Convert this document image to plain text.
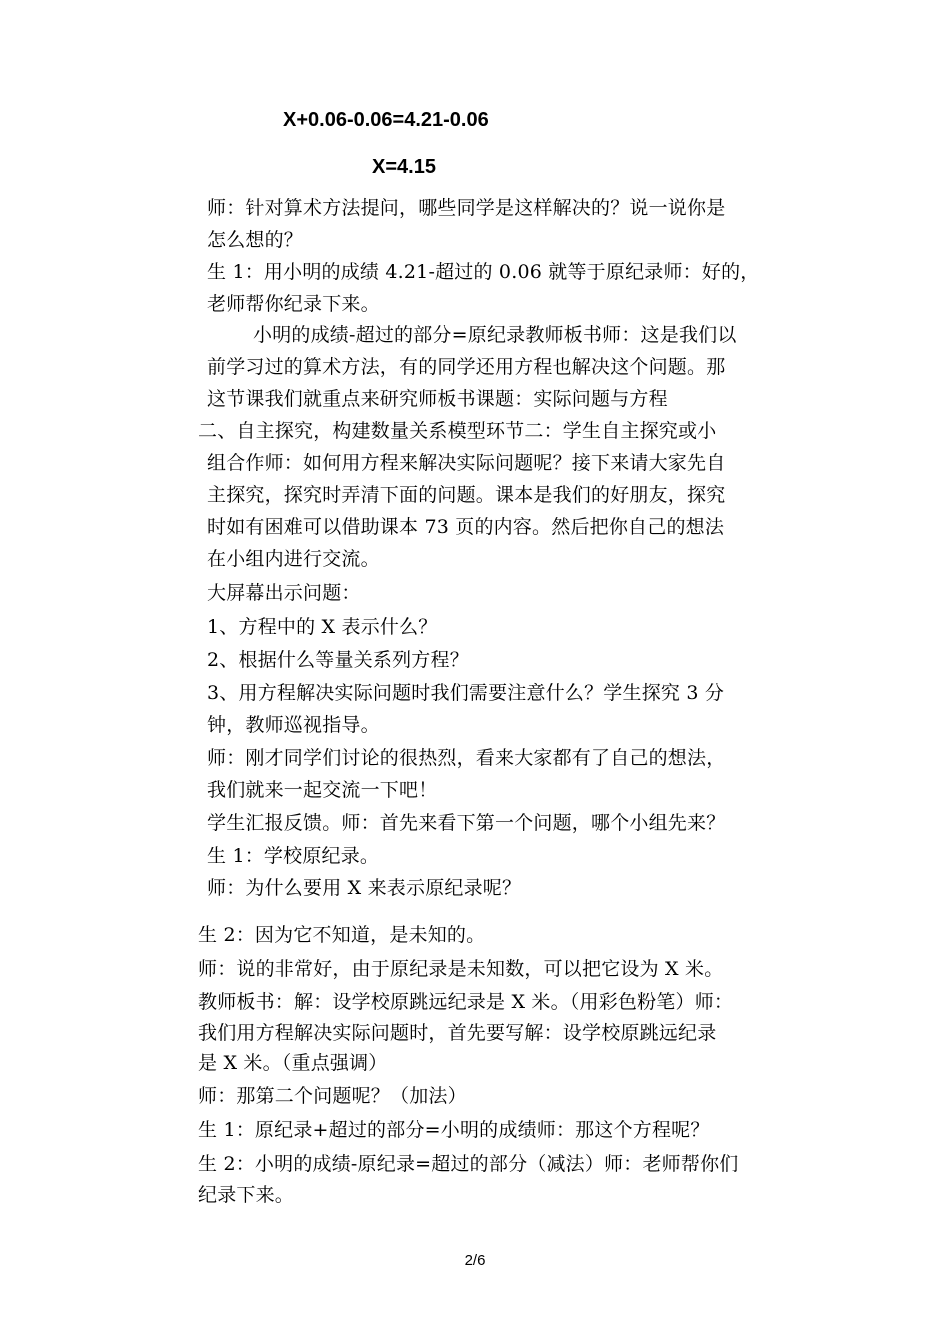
X+0.06-0.06=4.21-0.06
X=4.15
师：针对算术方法提问，哪些同学是这样解决的？说一说你是
怎么想的？
生 1：用小明的成绩 4.21-超过的 0.06 就等于原纪录师：好的，
老师帮你纪录下来。
小明的成绩-超过的部分=原纪录教师板书师：这是我们以
前学习过的算术方法，有的同学还用方程也解决这个问题。那
这节课我们就重点来研究师板书课题：实际问题与方程
二、自主探究，构建数量关系模型环节二：学生自主探究或小
组合作师：如何用方程来解决实际问题呢？接下来请大家先自
主探究，探究时弄清下面的问题。课本是我们的好朋友，探究
时如有困难可以借助课本 73 页的内容。然后把你自己的想法
在小组内进行交流。
大屏幕出示问题：
1、方程中的 X 表示什么？
2、根据什么等量关系列方程？
3、用方程解决实际问题时我们需要注意什么？学生探究 3 分
钟，教师巡视指导。
师：刚才同学们讨论的很热烈，看来大家都有了自己的想法，
我们就来一起交流一下吧！
学生汇报反馈。师：首先来看下第一个问题，哪个小组先来？
生 1：学校原纪录。
师：为什么要用 X 来表示原纪录呢？
生 2：因为它不知道，是未知的。
师：说的非常好，由于原纪录是未知数，可以把它设为 X 米。
教师板书：解：设学校原跳远纪录是 X 米。（用彩色粉笔）师：
我们用方程解决实际问题时，首先要写解：设学校原跳远纪录
是 X 米。（重点强调）
师：那第二个问题呢？（加法）
生 1：原纪录+超过的部分=小明的成绩师：那这个方程呢？
生 2：小明的成绩-原纪录=超过的部分（减法）师：老师帮你们
纪录下来。
2/6
